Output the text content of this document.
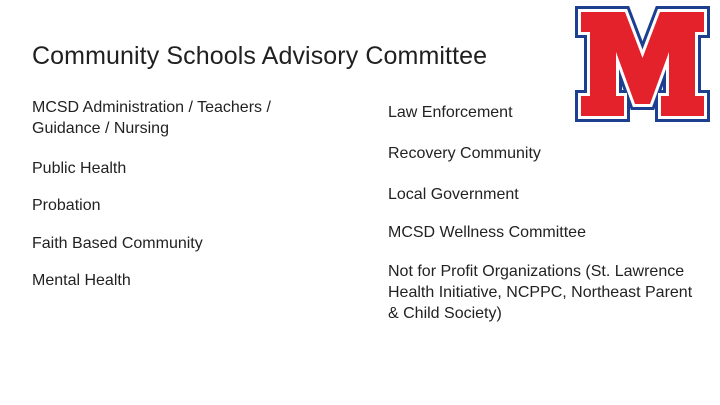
Community Schools Advisory Committee

MCSD Administration / Teachers / Guidance / Nursing

Public Health

Probation

Faith Based Community

Mental Health

Law Enforcement

Recovery Community

Local Government

MCSD Wellness Committee

Not for Profit Organizations (St. Lawrence Health Initiative, NCPPC, Northeast Parent & Child Society)
